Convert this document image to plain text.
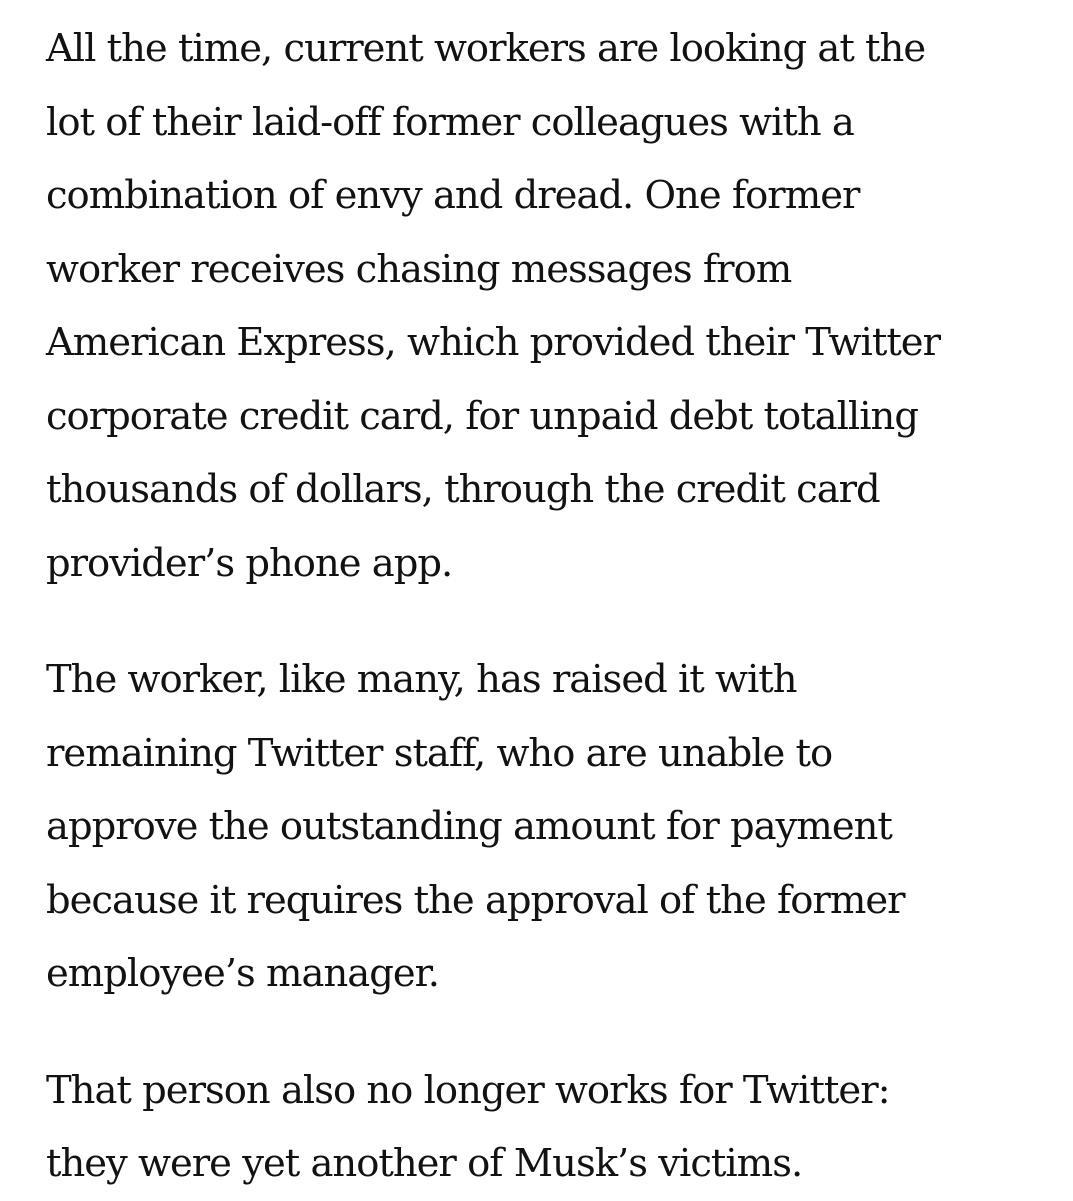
All the time, current workers are looking at the
lot of their laid-off former colleagues with a
combination of envy and dread. One former
worker receives chasing messages from
American Express, which provided their Twitter
corporate credit card, for unpaid debt totalling
thousands of dollars, through the credit card
provider’s phone app.

The worker, like many, has raised it with
remaining Twitter staff, who are unable to
approve the outstanding amount for payment
because it requires the approval of the former
employee’s manager.

That person also no longer works for Twitter:
they were yet another of Musk’s victims.
